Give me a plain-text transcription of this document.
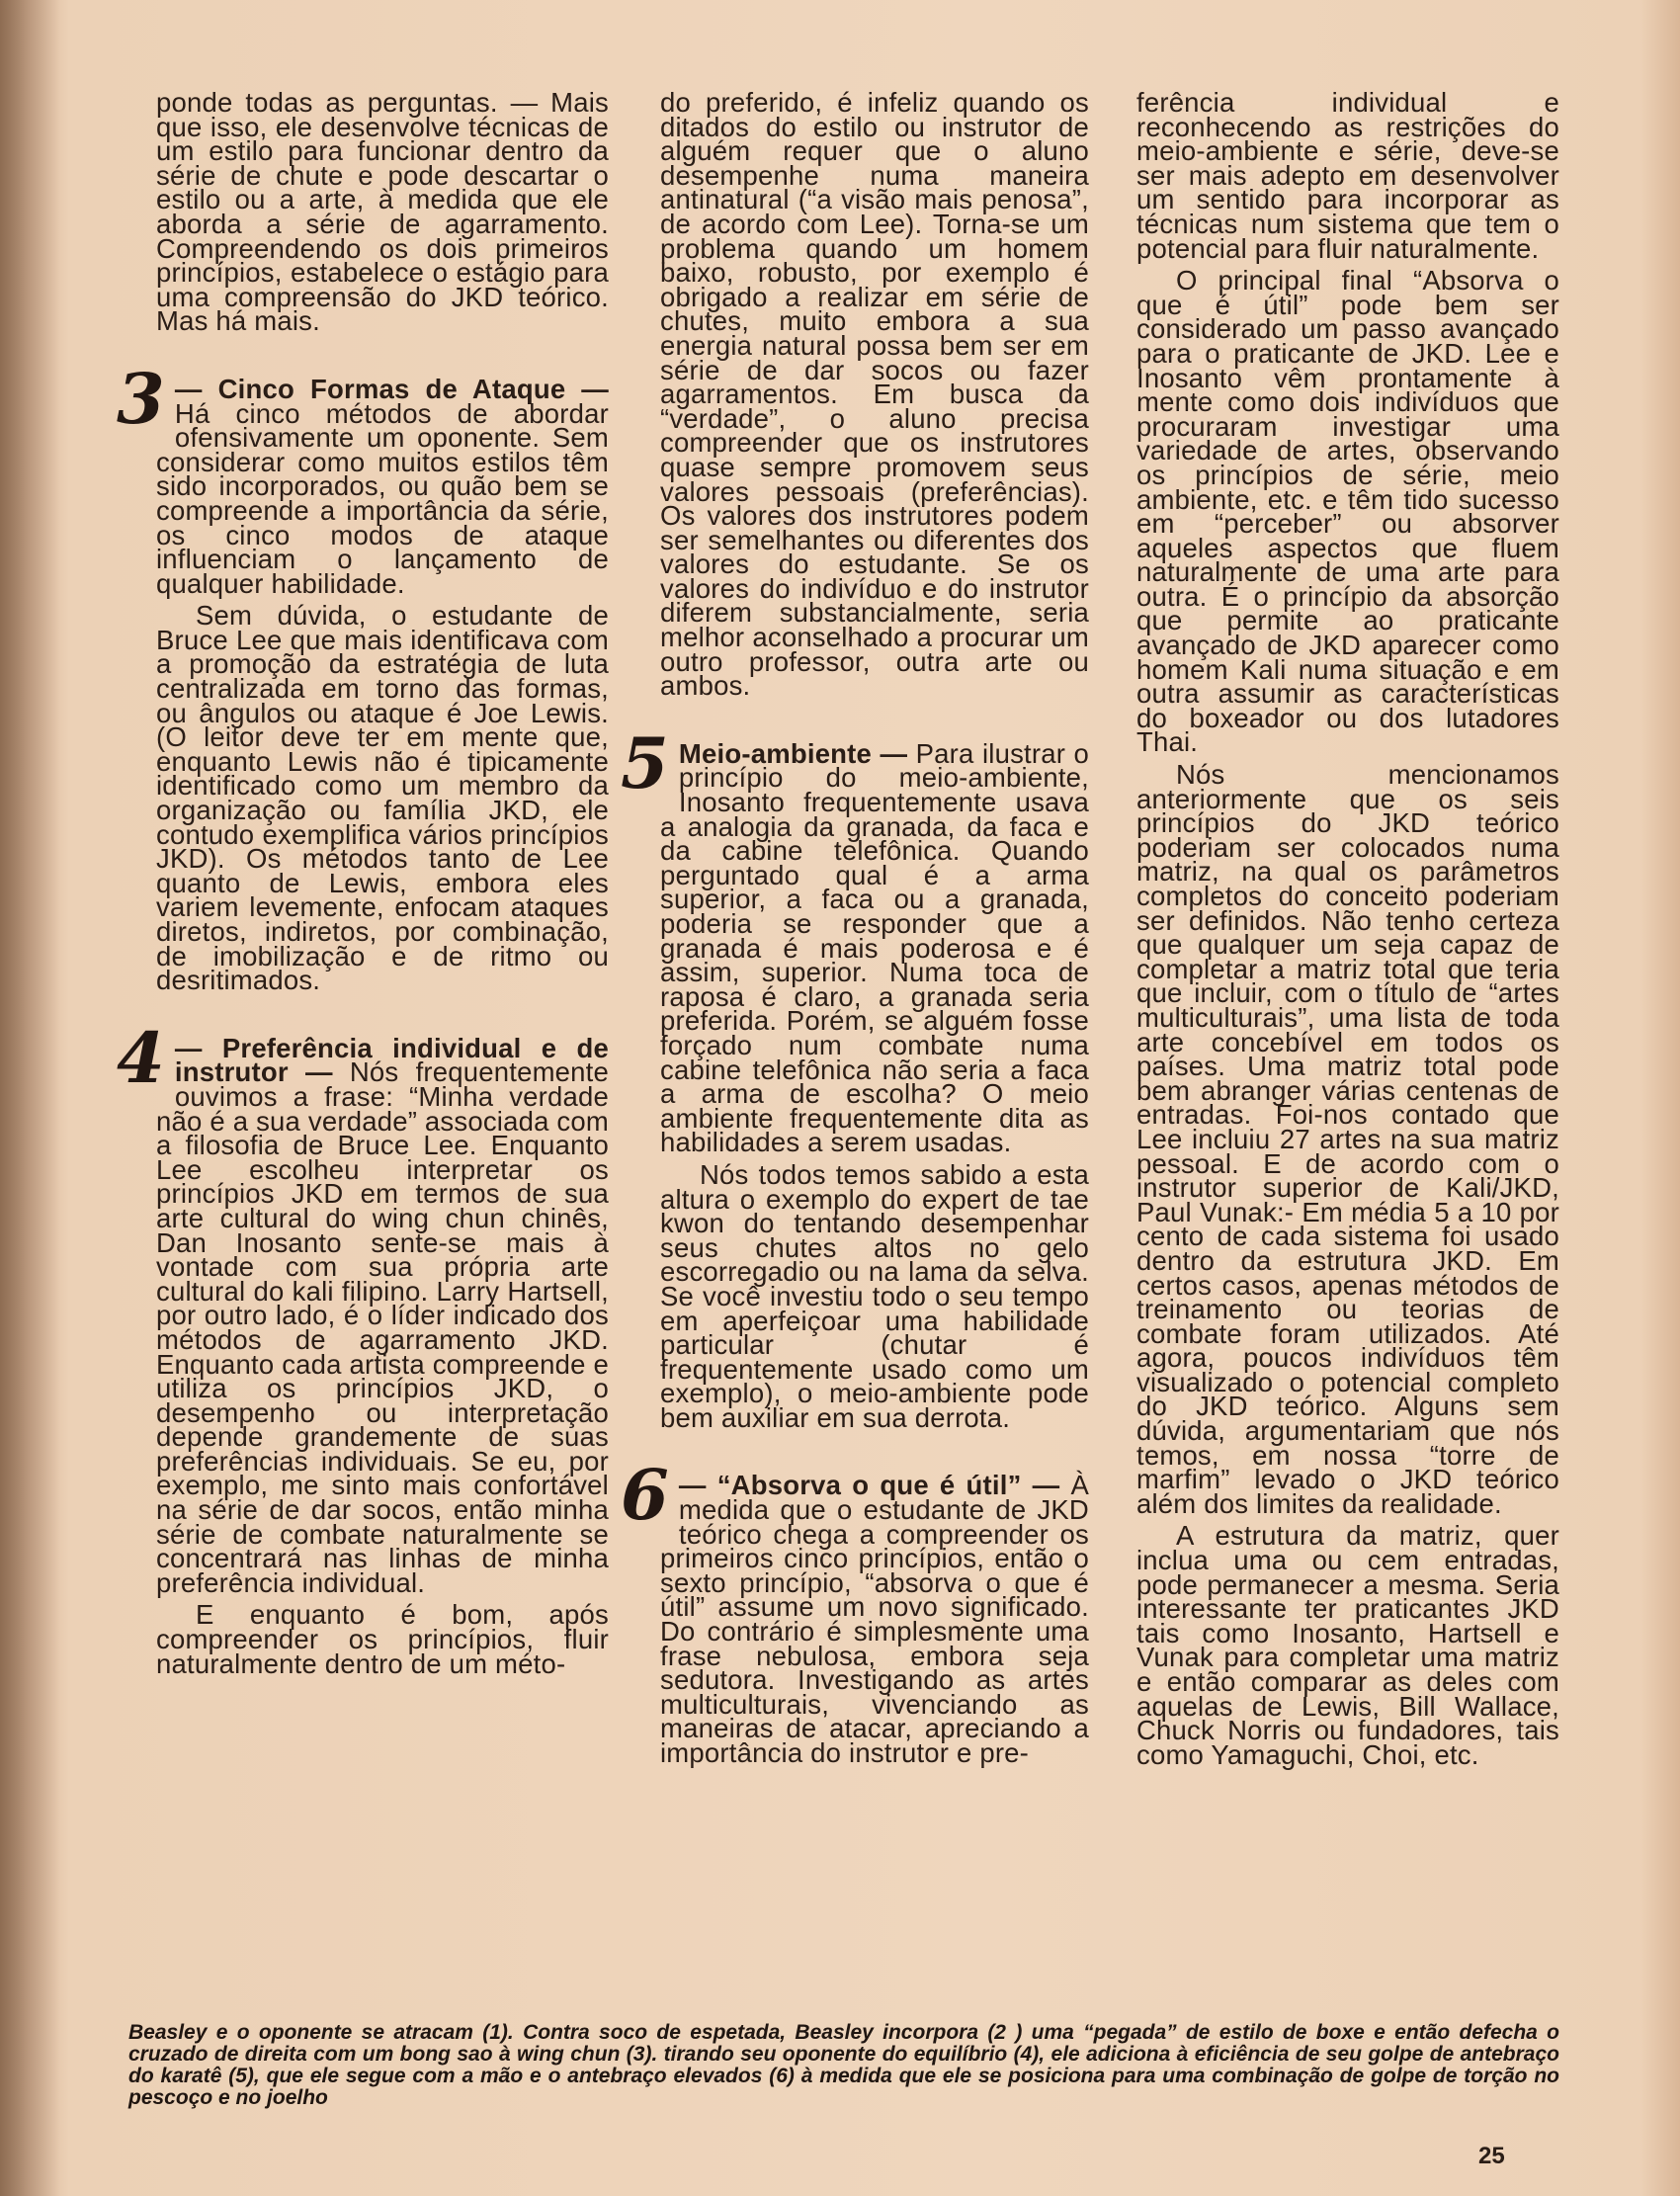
ponde todas as perguntas. — Mais que isso, ele desenvolve técnicas de um estilo para funcionar dentro da série de chute e pode descartar o estilo ou a arte, à medida que ele aborda a série de agarramento. Compreendendo os dois primeiros princípios, estabelece o estágio para uma compreensão do JKD teórico. Mas há mais.

3 — Cinco Formas de Ataque — Há cinco métodos de abordar ofensivamente um oponente. Sem considerar como muitos estilos têm sido incorporados, ou quão bem se compreende a importância da série, os cinco modos de ataque influenciam o lançamento de qualquer habilidade.

Sem dúvida, o estudante de Bruce Lee que mais identificava com a promoção da estratégia de luta centralizada em torno das formas, ou ângulos ou ataque é Joe Lewis. (O leitor deve ter em mente que, enquanto Lewis não é tipicamente identificado como um membro da organização ou família JKD, ele contudo exemplifica vários princípios JKD). Os métodos tanto de Lee quanto de Lewis, embora eles variem levemente, enfocam ataques diretos, indiretos, por combinação, de imobilização e de ritmo ou desritimados.

4 — Preferência individual e de instrutor — Nós frequentemente ouvimos a frase: “Minha verdade não é a sua verdade” associada com a filosofia de Bruce Lee. Enquanto Lee escolheu interpretar os princípios JKD em termos de sua arte cultural do wing chun chinês, Dan Inosanto sente-se mais à vontade com sua própria arte cultural do kali filipino. Larry Hartsell, por outro lado, é o líder indicado dos métodos de agarramento JKD. Enquanto cada artista compreende e utiliza os princípios JKD, o desempenho ou interpretação depende grandemente de suas preferências individuais. Se eu, por exemplo, me sinto mais confortável na série de dar socos, então minha série de combate naturalmente se concentrará nas linhas de minha preferência individual.

E enquanto é bom, após compreender os princípios, fluir naturalmente dentro de um méto-

do preferido, é infeliz quando os ditados do estilo ou instrutor de alguém requer que o aluno desempenhe numa maneira antinatural (“a visão mais penosa”, de acordo com Lee). Torna-se um problema quando um homem baixo, robusto, por exemplo é obrigado a realizar em série de chutes, muito embora a sua energia natural possa bem ser em série de dar socos ou fazer agarramentos. Em busca da “verdade”, o aluno precisa compreender que os instrutores quase sempre promovem seus valores pessoais (preferências). Os valores dos instrutores podem ser semelhantes ou diferentes dos valores do estudante. Se os valores do indivíduo e do instrutor diferem substancialmente, seria melhor aconselhado a procurar um outro professor, outra arte ou ambos.

5 Meio-ambiente — Para ilustrar o princípio do meio-ambiente, Inosanto frequentemente usava a analogia da granada, da faca e da cabine telefônica. Quando perguntado qual é a arma superior, a faca ou a granada, poderia se responder que a granada é mais poderosa e é assim, superior. Numa toca de raposa é claro, a granada seria preferida. Porém, se alguém fosse forçado num combate numa cabine telefônica não seria a faca a arma de escolha? O meio ambiente frequentemente dita as habilidades a serem usadas.

Nós todos temos sabido a esta altura o exemplo do expert de tae kwon do tentando desempenhar seus chutes altos no gelo escorregadio ou na lama da selva. Se você investiu todo o seu tempo em aperfeiçoar uma habilidade particular (chutar é frequentemente usado como um exemplo), o meio-ambiente pode bem auxiliar em sua derrota.

6 — “Absorva o que é útil” — À medida que o estudante de JKD teórico chega a compreender os primeiros cinco princípios, então o sexto princípio, “absorva o que é útil” assume um novo significado. Do contrário é simplesmente uma frase nebulosa, embora seja sedutora. Investigando as artes multiculturais, vivenciando as maneiras de atacar, apreciando a importância do instrutor e pre-

ferência individual e reconhecendo as restrições do meio-ambiente e série, deve-se ser mais adepto em desenvolver um sentido para incorporar as técnicas num sistema que tem o potencial para fluir naturalmente.

O principal final “Absorva o que é útil” pode bem ser considerado um passo avançado para o praticante de JKD. Lee e Inosanto vêm prontamente à mente como dois indivíduos que procuraram investigar uma variedade de artes, observando os princípios de série, meio ambiente, etc. e têm tido sucesso em “perceber” ou absorver aqueles aspectos que fluem naturalmente de uma arte para outra. É o princípio da absorção que permite ao praticante avançado de JKD aparecer como homem Kali numa situação e em outra assumir as características do boxeador ou dos lutadores Thai.

Nós mencionamos anteriormente que os seis princípios do JKD teórico poderiam ser colocados numa matriz, na qual os parâmetros completos do conceito poderiam ser definidos. Não tenho certeza que qualquer um seja capaz de completar a matriz total que teria que incluir, com o título de “artes multiculturais”, uma lista de toda arte concebível em todos os países. Uma matriz total pode bem abranger várias centenas de entradas. Foi-nos contado que Lee incluiu 27 artes na sua matriz pessoal. E de acordo com o instrutor superior de Kali/JKD, Paul Vunak:- Em média 5 a 10 por cento de cada sistema foi usado dentro da estrutura JKD. Em certos casos, apenas métodos de treinamento ou teorias de combate foram utilizados. Até agora, poucos indivíduos têm visualizado o potencial completo do JKD teórico. Alguns sem dúvida, argumentariam que nós temos, em nossa “torre de marfim” levado o JKD teórico além dos limites da realidade.

A estrutura da matriz, quer inclua uma ou cem entradas, pode permanecer a mesma. Seria interessante ter praticantes JKD tais como Inosanto, Hartsell e Vunak para completar uma matriz e então comparar as deles com aquelas de Lewis, Bill Wallace, Chuck Norris ou fundadores, tais como Yamaguchi, Choi, etc.

Beasley e o oponente se atracam (1). Contra soco de espetada, Beasley incorpora (2 ) uma “pegada” de estilo de boxe e então defecha o cruzado de direita com um bong sao à wing chun (3). tirando seu oponente do equilíbrio (4), ele adiciona à eficiência de seu golpe de antebraço do karatê (5), que ele segue com a mão e o antebraço elevados (6) à medida que ele se posiciona para uma combinação de golpe de torção no pescoço e no joelho
25
